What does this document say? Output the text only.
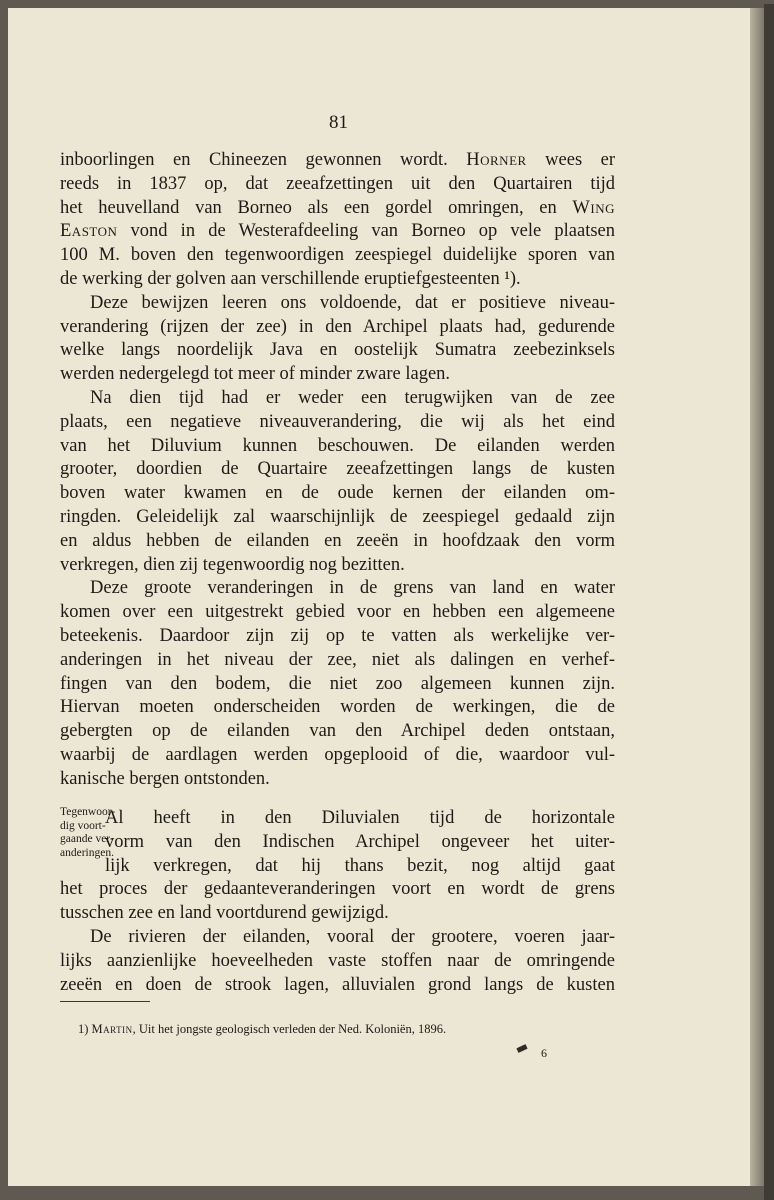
81
inboorlingen en Chineezen gewonnen wordt. Horner wees er
reeds in 1837 op, dat zeeafzettingen uit den Quartairen tijd
het heuvelland van Borneo als een gordel omringen, en Wing
Easton vond in de Westerafdeeling van Borneo op vele plaatsen
100 M. boven den tegenwoordigen zeespiegel duidelijke sporen van
de werking der golven aan verschillende eruptiefgesteenten ¹).
Deze bewijzen leeren ons voldoende, dat er positieve niveau-
verandering (rijzen der zee) in den Archipel plaats had, gedurende
welke langs noordelijk Java en oostelijk Sumatra zeebezinksels
werden nedergelegd tot meer of minder zware lagen.
Na dien tijd had er weder een terugwijken van de zee
plaats, een negatieve niveauverandering, die wij als het eind
van het Diluvium kunnen beschouwen. De eilanden werden
grooter, doordien de Quartaire zeeafzettingen langs de kusten
boven water kwamen en de oude kernen der eilanden om-
ringden. Geleidelijk zal waarschijnlijk de zeespiegel gedaald zijn
en aldus hebben de eilanden en zeeën in hoofdzaak den vorm
verkregen, dien zij tegenwoordig nog bezitten.
Deze groote veranderingen in de grens van land en water
komen over een uitgestrekt gebied voor en hebben een algemeene
beteekenis. Daardoor zijn zij op te vatten als werkelijke ver-
anderingen in het niveau der zee, niet als dalingen en verhef-
fingen van den bodem, die niet zoo algemeen kunnen zijn.
Hiervan moeten onderscheiden worden de werkingen, die de
gebergten op de eilanden van den Archipel deden ontstaan,
waarbij de aardlagen werden opgeplooid of die, waardoor vul-
kanische bergen ontstonden.
Al heeft in den Diluvialen tijd de horizontale
vorm van den Indischen Archipel ongeveer het uiter-
lijk verkregen, dat hij thans bezit, nog altijd gaat
het proces der gedaanteveranderingen voort en wordt de grens
tusschen zee en land voortdurend gewijzigd.
De rivieren der eilanden, vooral der grootere, voeren jaar-
lijks aanzienlijke hoeveelheden vaste stoffen naar de omringende
zeeën en doen de strook lagen, alluvialen grond langs de kusten
Tegenwoor-
dig voort-
gaande ver-
anderingen.
1) Martin, Uit het jongste geologisch verleden der Ned. Koloniën, 1896.
6
